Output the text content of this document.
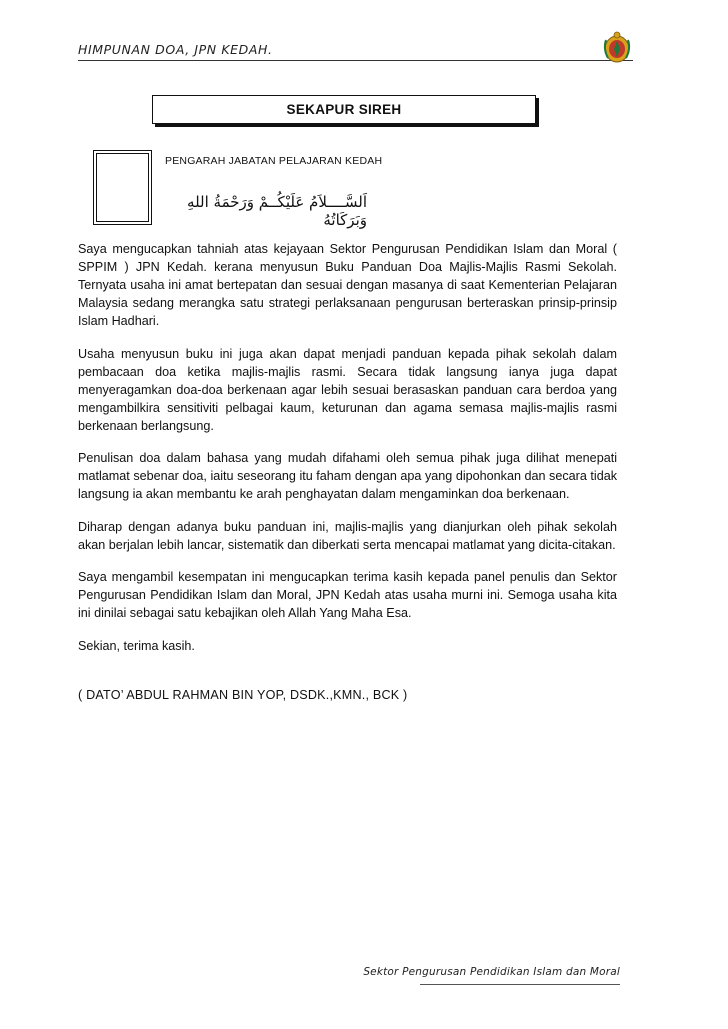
HIMPUNAN DOA, JPN KEDAH.
SEKAPUR SIREH
PENGARAH JABATAN PELAJARAN KEDAH
اَلسَّــــلاَمُ عَلَيْكُــمْ وَرَحْمَةُ اللهِ وَبَرَكَاتُهُ

Saya mengucapkan tahniah atas kejayaan Sektor Pengurusan Pendidikan Islam dan Moral ( SPPIM ) JPN Kedah. kerana menyusun Buku Panduan Doa Majlis-Majlis Rasmi Sekolah. Ternyata usaha ini amat bertepatan dan sesuai dengan masanya di saat Kementerian Pelajaran Malaysia sedang merangka satu strategi perlaksanaan pengurusan berteraskan prinsip-prinsip Islam Hadhari.

Usaha menyusun buku ini juga akan dapat menjadi panduan kepada pihak sekolah dalam pembacaan doa ketika majlis-majlis rasmi. Secara tidak langsung ianya juga dapat menyeragamkan doa-doa berkenaan agar lebih sesuai berasaskan panduan cara berdoa yang mengambilkira sensitiviti pelbagai kaum, keturunan dan agama semasa majlis-majlis rasmi berkenaan berlangsung.

Penulisan doa dalam bahasa yang mudah difahami oleh semua pihak juga dilihat menepati matlamat sebenar doa, iaitu seseorang itu faham dengan apa yang dipohonkan dan secara tidak langsung ia akan membantu ke arah penghayatan dalam mengaminkan doa berkenaan.

Diharap dengan adanya buku panduan ini, majlis-majlis yang dianjurkan oleh pihak sekolah akan berjalan lebih lancar, sistematik dan diberkati serta mencapai matlamat yang dicita-citakan.

Saya mengambil kesempatan ini mengucapkan terima kasih kepada panel penulis dan Sektor Pengurusan Pendidikan Islam dan Moral, JPN Kedah atas usaha murni ini. Semoga usaha kita ini dinilai sebagai satu kebajikan oleh Allah Yang Maha Esa.

Sekian, terima kasih.

( DATO’ ABDUL RAHMAN BIN YOP, DSDK.,KMN., BCK )
Sektor Pengurusan Pendidikan Islam dan Moral
